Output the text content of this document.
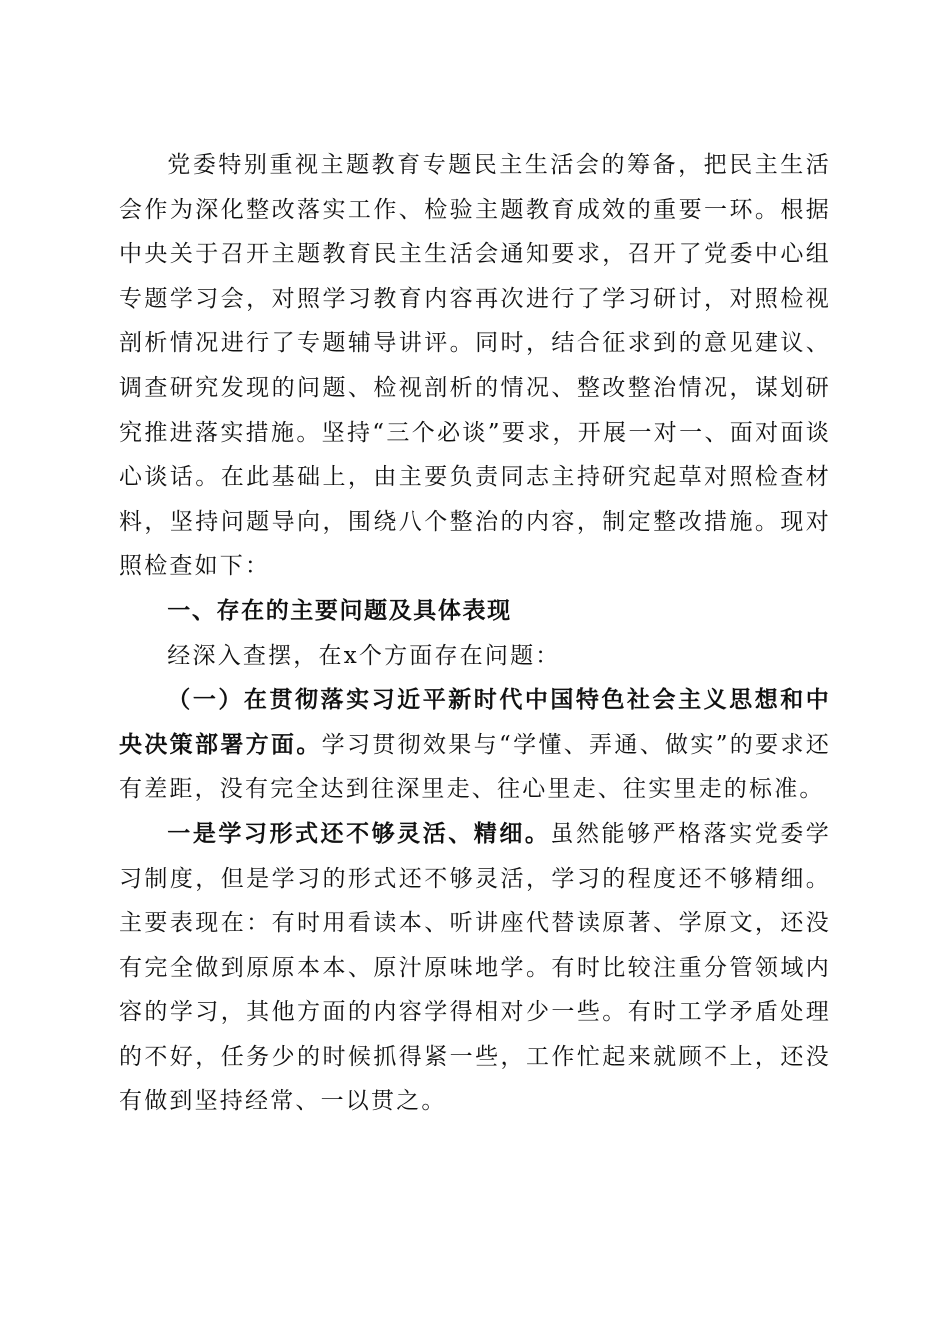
党委特别重视主题教育专题民主生活会的筹备，把民主生活会作为深化整改落实工作、检验主题教育成效的重要一环。根据中央关于召开主题教育民主生活会通知要求，召开了党委中心组专题学习会，对照学习教育内容再次进行了学习研讨，对照检视剖析情况进行了专题辅导讲评。同时，结合征求到的意见建议、调查研究发现的问题、检视剖析的情况、整改整治情况，谋划研究推进落实措施。坚持“三个必谈”要求，开展一对一、面对面谈心谈话。在此基础上，由主要负责同志主持研究起草对照检查材料，坚持问题导向，围绕八个整治的内容，制定整改措施。现对照检查如下：

一、存在的主要问题及具体表现

经深入查摆，在x个方面存在问题：

（一）在贯彻落实习近平新时代中国特色社会主义思想和中央决策部署方面。学习贯彻效果与“学懂、弄通、做实”的要求还有差距，没有完全达到往深里走、往心里走、往实里走的标准。

一是学习形式还不够灵活、精细。虽然能够严格落实党委学习制度，但是学习的形式还不够灵活，学习的程度还不够精细。主要表现在：有时用看读本、听讲座代替读原著、学原文，还没有完全做到原原本本、原汁原味地学。有时比较注重分管领域内容的学习，其他方面的内容学得相对少一些。有时工学矛盾处理的不好，任务少的时候抓得紧一些，工作忙起来就顾不上，还没有做到坚持经常、一以贯之。
